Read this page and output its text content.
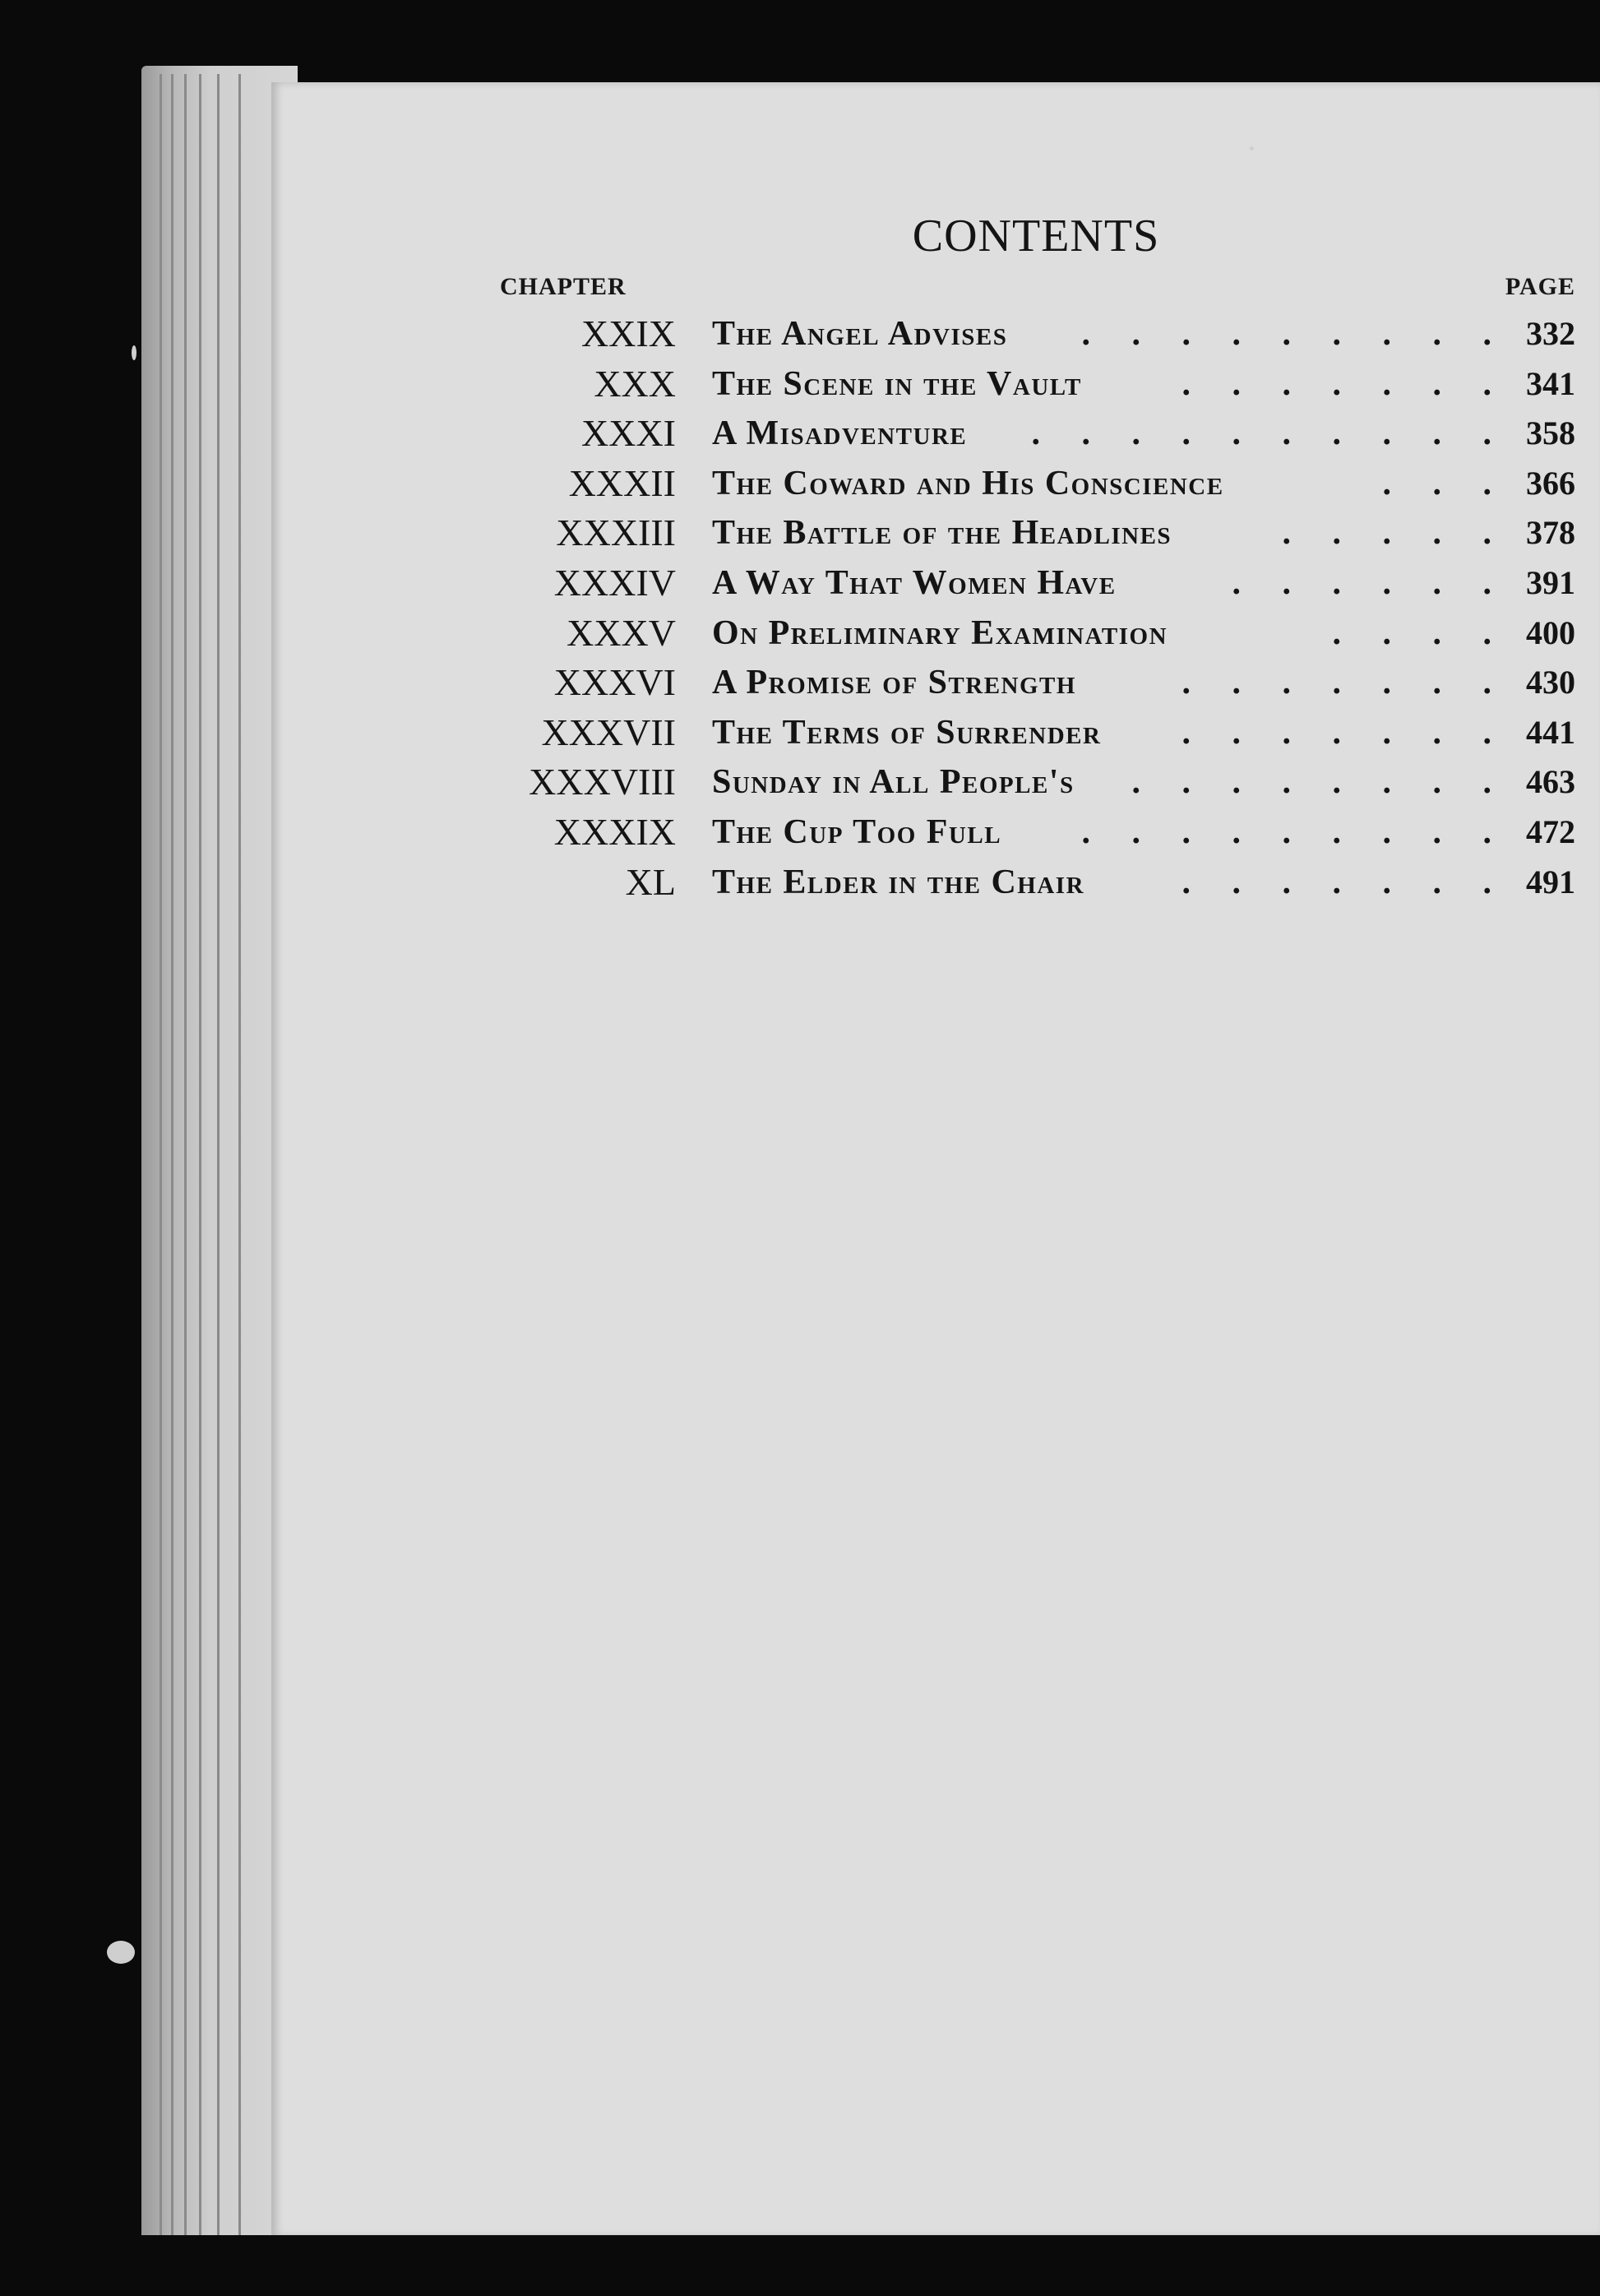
CONTENTS
CHAPTER	PAGE
XXIX The Angel Advises . . . . . . . . . 332
XXX The Scene in the Vault	. . . . . . . 341
XXXI A Misadventure . . . . . . . . . . 358
XXXII The Coward and His Conscience	. . . 366
XXXIII The Battle of the Headlines	. . . . . 378
XXXIV A Way That Women Have	. . . . . . 391
XXXV On Preliminary Examination	. . . . 400
XXXVI A Promise of Strength	. . . . . . . 430
XXXVII The Terms of Surrender . . . . . . . 441
XXXVIII Sunday in All People's . . . . . . . . 463
XXXIX The Cup Too Full . . . . . . . . . 472
XL The Elder in the Chair	. . . . . . . 491
